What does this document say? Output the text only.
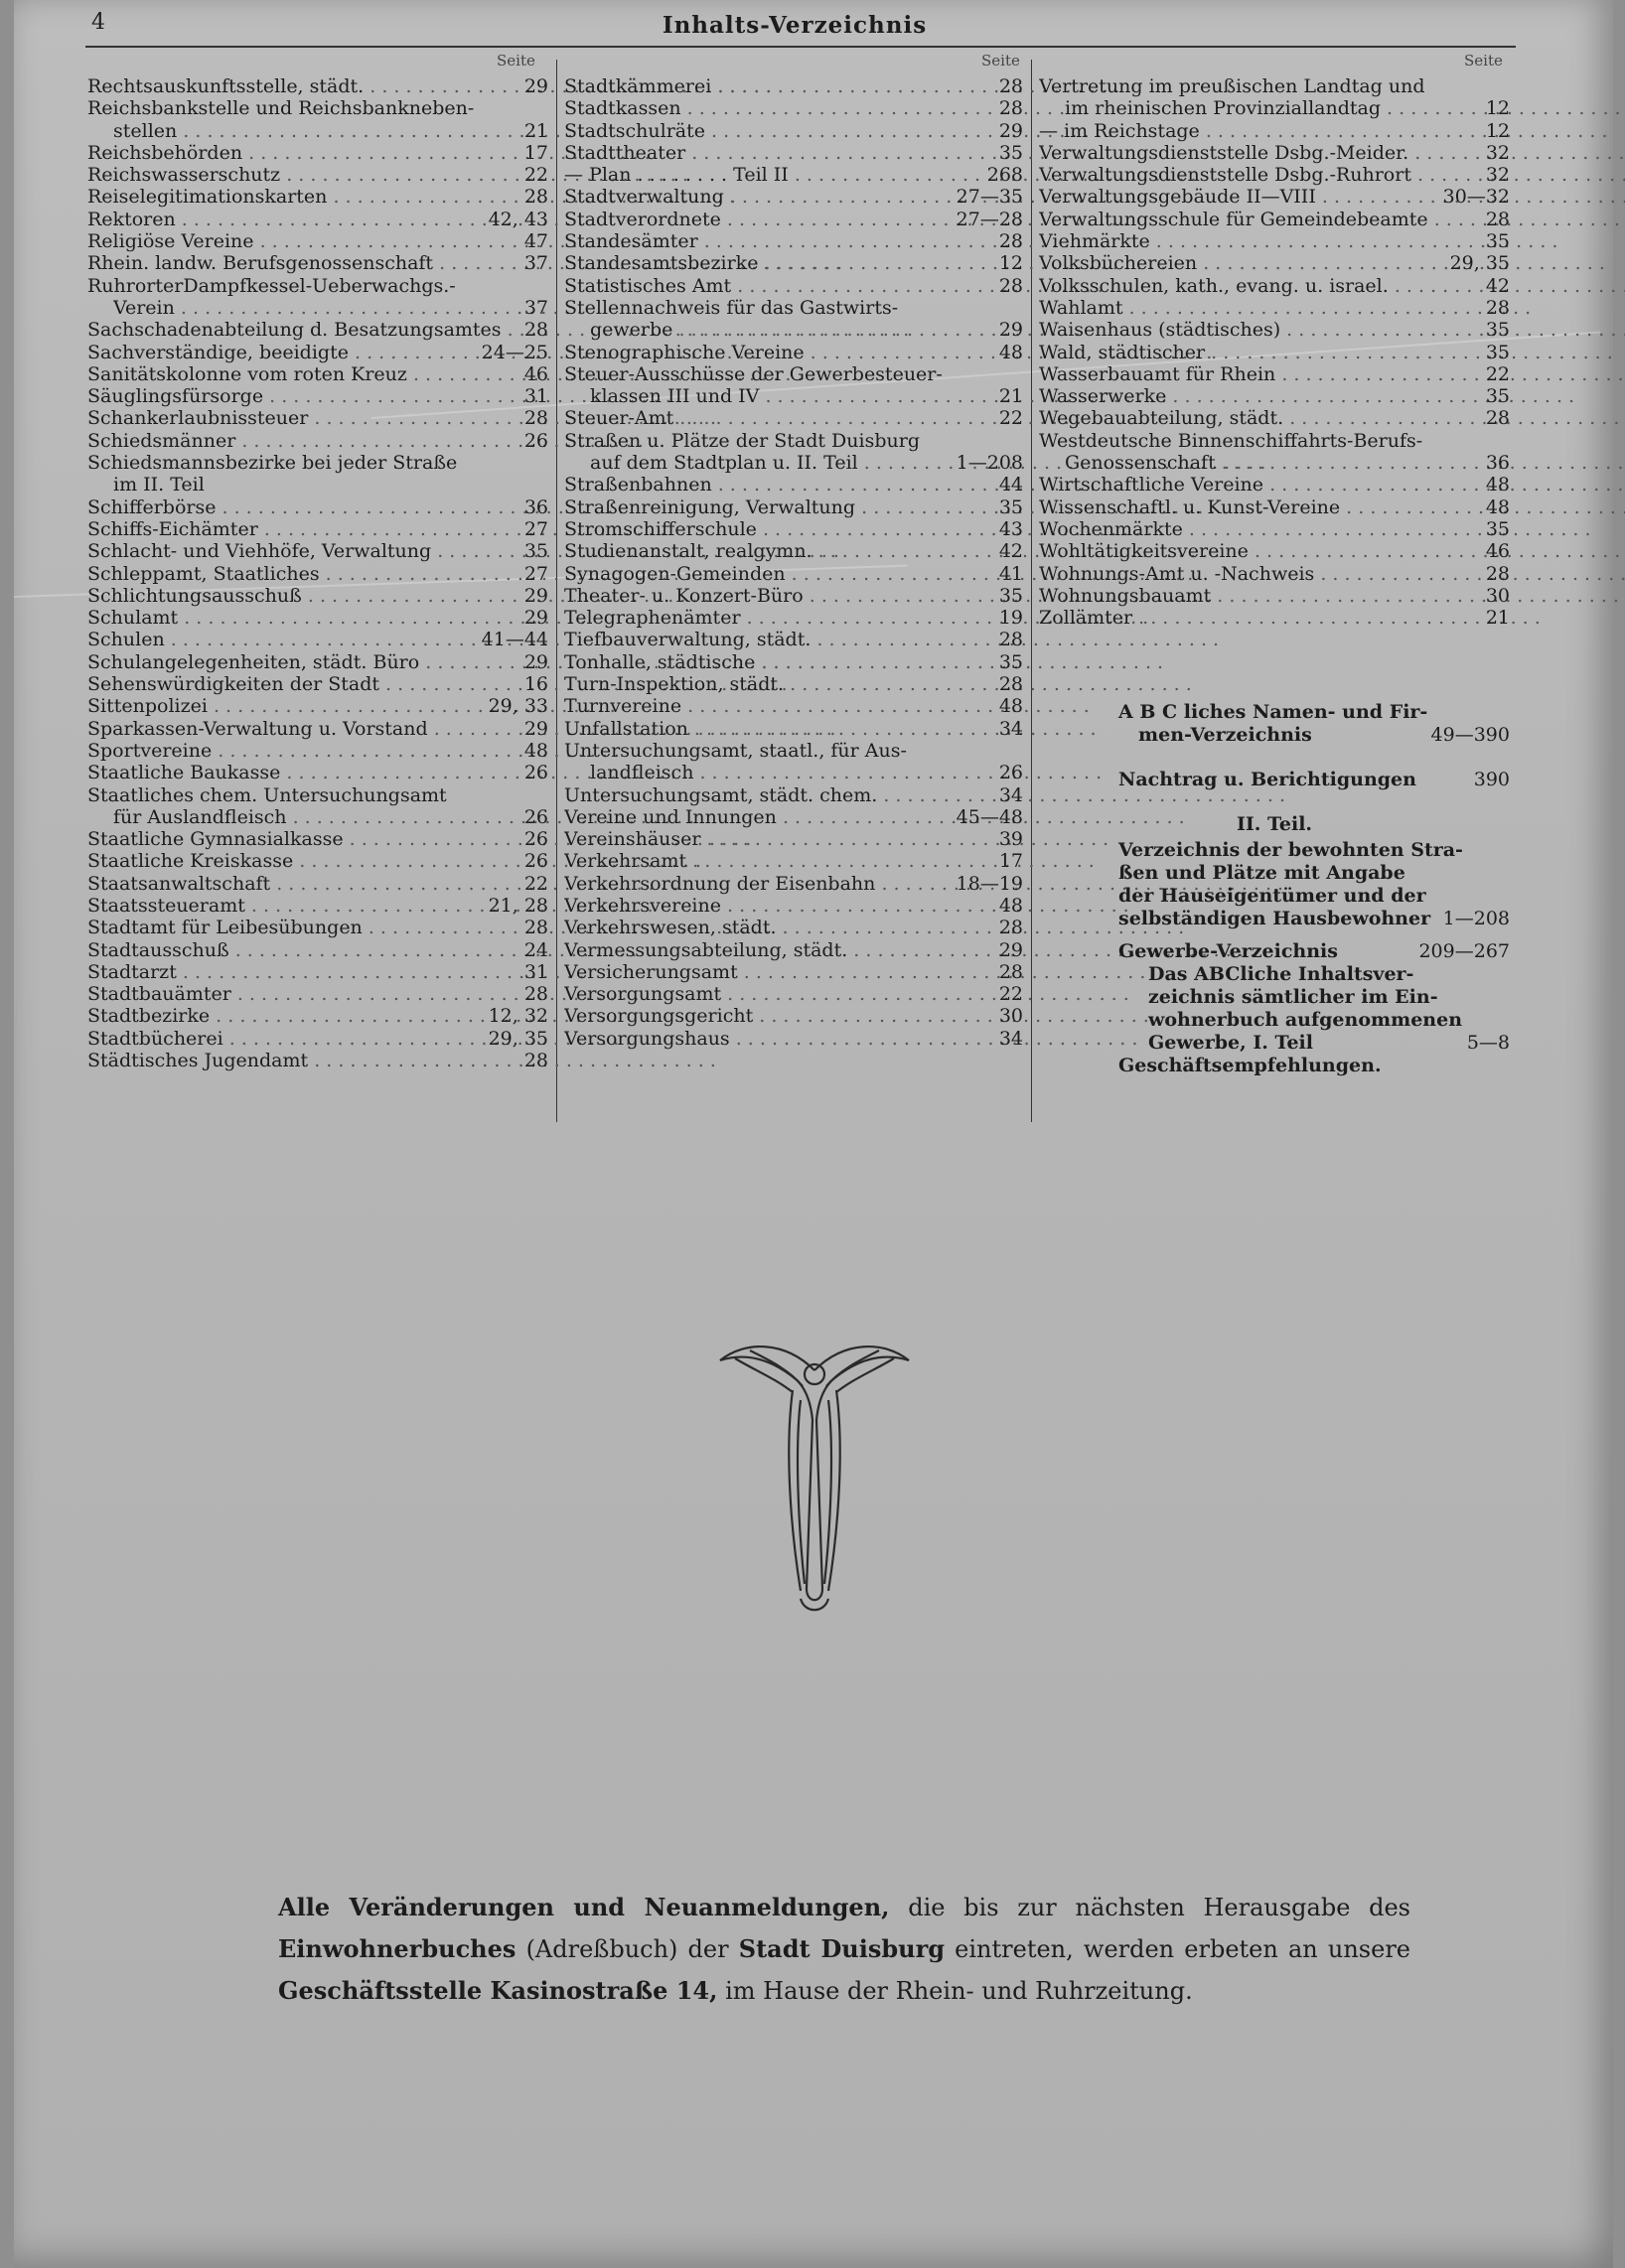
4	Inhalts-Verzeichnis
Seite	Seite	Seite
Rechtsauskunftsstelle, städt. . . .	29
Reichsbankstelle und Reichsbankneben-
stellen . . .	21
Reichsbehörden . . .	17
Reichswasserschutz . . .	22
Reiselegitimationskarten . . .	28
Rektoren . . .	42, 43
Religiöse Vereine . . .	47
Rhein. landw. Berufsgenossenschaft . . .	37
RuhrorterDampfkessel-Ueberwachgs.-
Verein . . .	37
Sachschadenabteilung d. Besatzungsamtes . . .	28
Sachverständige, beeidigte . . .	24—25
Sanitätskolonne vom roten Kreuz . . .	46
Säuglingsfürsorge . . .	31
Schankerlaubnissteuer . . .	28
Schiedsmänner . . .	26
Schiedsmannsbezirke bei jeder Straße
im II. Teil
Schifferbörse . . .	36
Schiffs-Eichämter . . .	27
Schlacht- und Viehhöfe, Verwaltung . . .	35
Schleppamt, Staatliches . . .	27
Schlichtungsausschuß . . .	29
Schulamt . . .	29
Schulen . . .	41—44
Schulangelegenheiten, städt. Büro . . .	29
Sehenswürdigkeiten der Stadt . . .	16
Sittenpolizei . . .	29, 33
Sparkassen-Verwaltung u. Vorstand . . .	29
Sportvereine . . .	48
Staatliche Baukasse . . .	26
Staatliches chem. Untersuchungsamt
für Auslandfleisch . . .	26
Staatliche Gymnasialkasse . . .	26
Staatliche Kreiskasse . . .	26
Staatsanwaltschaft . . .	22
Staatssteueramt . . .	21, 28
Stadtamt für Leibesübungen . . .	28
Stadtausschuß . . .	24
Stadtarzt . . .	31
Stadtbauämter . . .	28
Stadtbezirke . . .	12, 32
Stadtbücherei . . .	29, 35
Städtisches Jugendamt . . .	28
Stadtkämmerei . . .	28
Stadtkassen . . .	28
Stadtschulräte . . .	29
Stadttheater . . .	35
— Plan . . . . . . . . Teil II . . .	268
Stadtverwaltung . . .	27—35
Stadtverordnete . . .	27—28
Standesämter . . .	28
Standesamtsbezirke . . .	12
Statistisches Amt . . .	28
Stellennachweis für das Gastwirts-
gewerbe . . .	29
Stenographische Vereine . . .	48
Steuer-Ausschüsse der Gewerbesteuer-
klassen III und IV . . .	21
Steuer-Amt . . .	22
Straßen u. Plätze der Stadt Duisburg
auf dem Stadtplan u. II. Teil . . .	1—208
Straßenbahnen . . .	44
Straßenreinigung, Verwaltung . . .	35
Stromschifferschule . . .	43
Studienanstalt, realgymn. . . .	42
Synagogen-Gemeinden . . .	41
Theater- u. Konzert-Büro . . .	35
Telegraphenämter . . .	19
Tiefbauverwaltung, städt. . . .	28
Tonhalle, städtische . . .	35
Turn-Inspektion, städt. . . .	28
Turnvereine . . .	48
Unfallstation . . .	34
Untersuchungsamt, staatl., für Aus-
landfleisch . . .	26
Untersuchungsamt, städt. chem. . . .	34
Vereine und Innungen . . .	45—48
Vereinshäuser . . .	39
Verkehrsamt . . .	17
Verkehrsordnung der Eisenbahn . . .	18—19
Verkehrsvereine . . .	48
Verkehrswesen, städt. . . .	28
Vermessungsabteilung, städt. . . .	29
Versicherungsamt . . .	28
Versorgungsamt . . .	22
Versorgungsgericht . . .	30
Versorgungshaus . . .	34
Vertretung im preußischen Landtag und
im rheinischen Provinziallandtag . . .	12
— im Reichstage . . .	12
Verwaltungsdienststelle Dsbg.-Meider. . . .	32
Verwaltungsdienststelle Dsbg.-Ruhrort . . .	32
Verwaltungsgebäude II—VIII . . .	30—32
Verwaltungsschule für Gemeindebeamte . . .	28
Viehmärkte . . .	35
Volksbüchereien . . .	29, 35
Volksschulen, kath., evang. u. israel. . . .	42
Wahlamt . . .	28
Waisenhaus (städtisches) . . .	35
Wald, städtischer . . .	35
Wasserbauamt für Rhein . . .	22
Wasserwerke . . .	35
Wegebauabteilung, städt. . . .	28
Westdeutsche Binnenschiffahrts-Berufs-
Genossenschaft . . .	36
Wirtschaftliche Vereine . . .	48
Wissenschaftl. u. Kunst-Vereine . . .	48
Wochenmärkte . . .	35
Wohltätigkeitsvereine . . .	46
Wohnungs-Amt u. -Nachweis . . .	28
Wohnungsbauamt . . .	30
Zollämter . . .	21
A B C liches Namen- und Fir-
men-Verzeichnis	49—390
Nachtrag u. Berichtigungen	390
II. Teil.
Verzeichnis der bewohnten Stra-
ßen und Plätze mit Angabe
der Hauseigentümer und der
selbständigen Hausbewohner 1—208
Gewerbe-Verzeichnis	209—267
Das ABCliche Inhaltsver-
zeichnis sämtlicher im Ein-
wohnerbuch aufgenommenen
Gewerbe, I. Teil	5—8
Geschäftsempfehlungen.
Alle Veränderungen und Neuanmeldungen, die bis zur nächsten Herausgabe des Einwohnerbuches (Adreßbuch) der Stadt Duisburg eintreten, werden erbeten an unsere Geschäftsstelle Kasinostraße 14, im Hause der Rhein- und Ruhrzeitung.
